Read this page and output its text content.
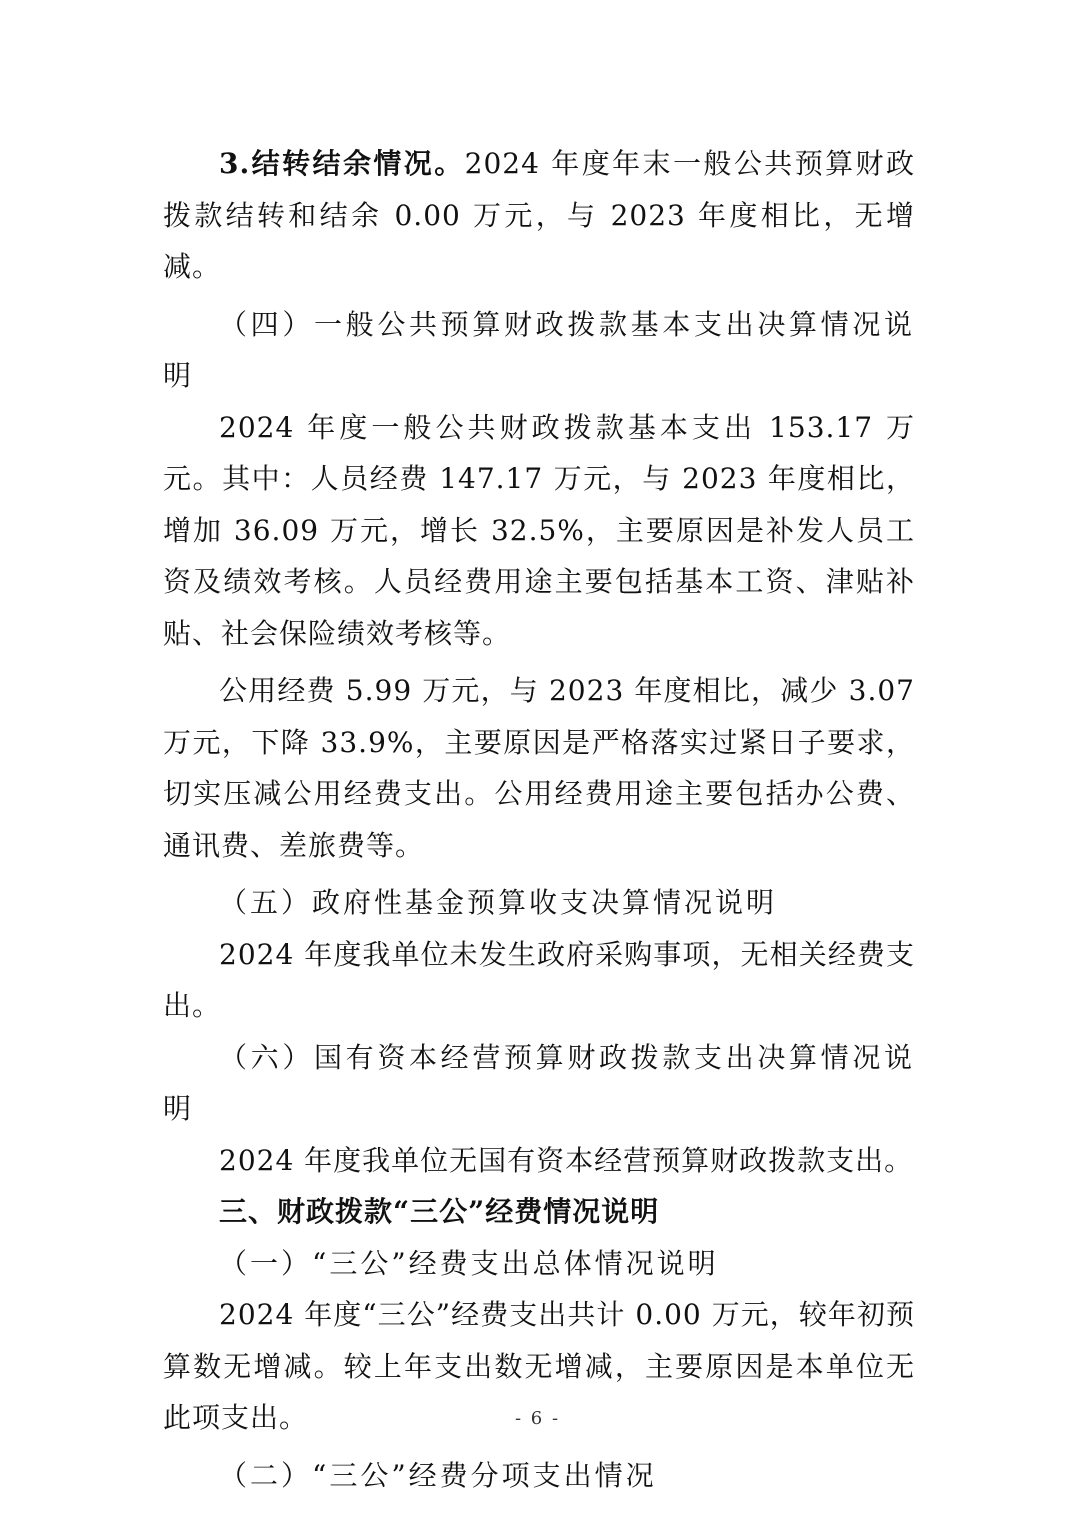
3.结转结余情况。2024 年度年末一般公共预算财政拨款结转和结余 0.00 万元，与 2023 年度相比，无增减。

（四）一般公共预算财政拨款基本支出决算情况说明

2024 年度一般公共财政拨款基本支出 153.17 万元。其中：人员经费 147.17 万元，与 2023 年度相比，增加 36.09 万元，增长 32.5%，主要原因是补发人员工资及绩效考核。人员经费用途主要包括基本工资、津贴补贴、社会保险绩效考核等。

公用经费 5.99 万元，与 2023 年度相比，减少 3.07 万元，下降 33.9%，主要原因是严格落实过紧日子要求，切实压减公用经费支出。公用经费用途主要包括办公费、通讯费、差旅费等。

（五）政府性基金预算收支决算情况说明

2024 年度我单位未发生政府采购事项，无相关经费支出。

（六）国有资本经营预算财政拨款支出决算情况说明

2024 年度我单位无国有资本经营预算财政拨款支出。

三、财政拨款“三公”经费情况说明

（一）“三公”经费支出总体情况说明

2024 年度“三公”经费支出共计 0.00 万元，较年初预算数无增减。较上年支出数无增减，主要原因是本单位无此项支出。

（二）“三公”经费分项支出情况

- 6 -
